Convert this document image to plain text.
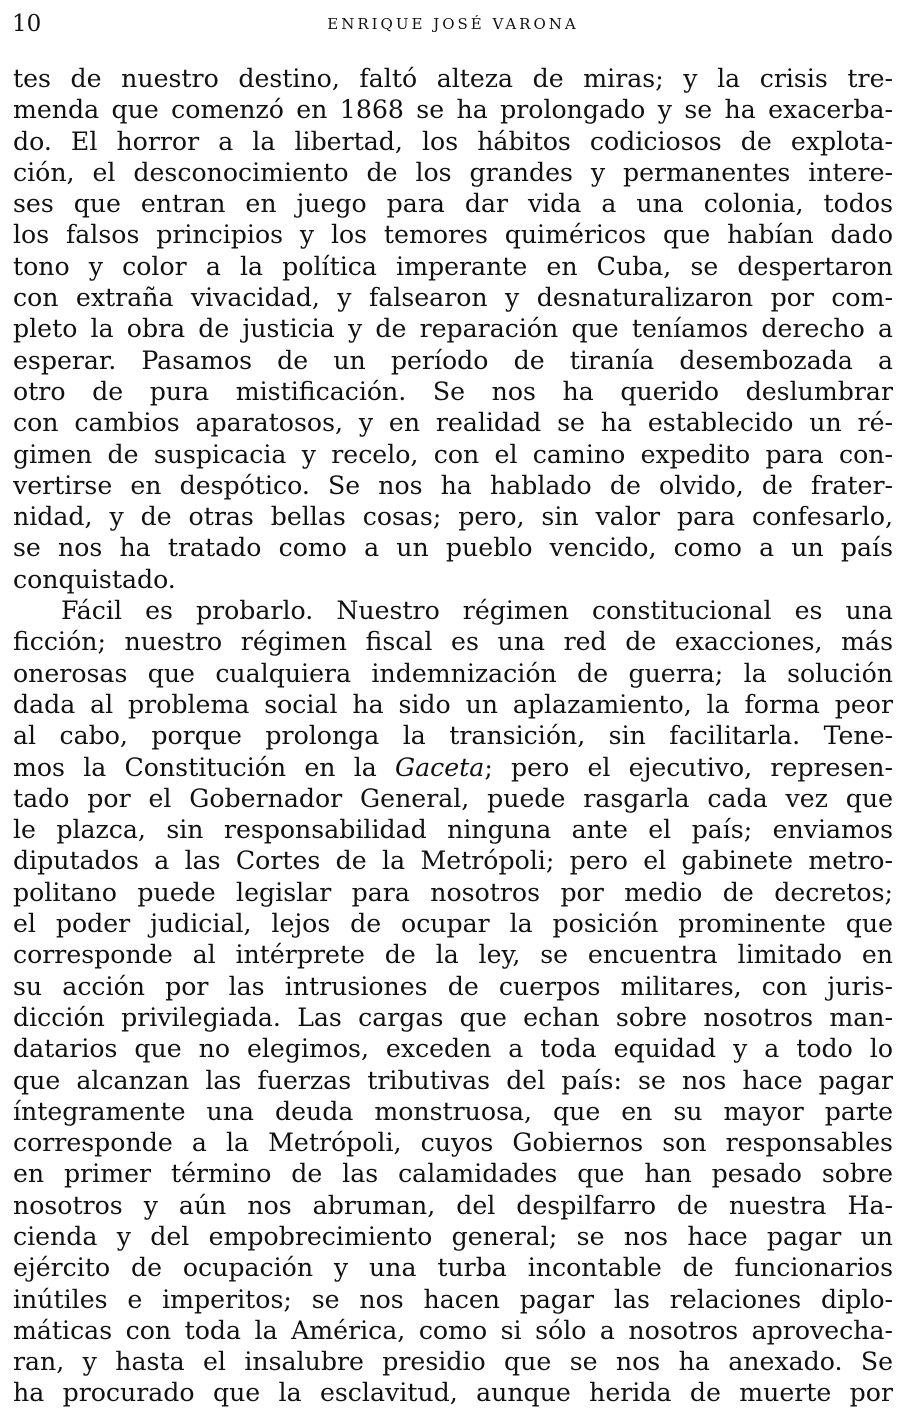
10	ENRIQUE JOSÉ VARONA
tes de nuestro destino, faltó alteza de miras; y la crisis tre-
menda que comenzó en 1868 se ha prolongado y se ha exacerba-
do. El horror a la libertad, los hábitos codiciosos de explota-
ción, el desconocimiento de los grandes y permanentes intere-
ses que entran en juego para dar vida a una colonia, todos
los falsos principios y los temores quiméricos que habían dado
tono y color a la política imperante en Cuba, se despertaron
con extraña vivacidad, y falsearon y desnaturalizaron por com-
pleto la obra de justicia y de reparación que teníamos derecho a
esperar. Pasamos de un período de tiranía desembozada a
otro de pura mistificación. Se nos ha querido deslumbrar
con cambios aparatosos, y en realidad se ha establecido un ré-
gimen de suspicacia y recelo, con el camino expedito para con-
vertirse en despótico. Se nos ha hablado de olvido, de frater-
nidad, y de otras bellas cosas; pero, sin valor para confesarlo,
se nos ha tratado como a un pueblo vencido, como a un país
conquistado.
Fácil es probarlo. Nuestro régimen constitucional es una
ficción; nuestro régimen fiscal es una red de exacciones, más
onerosas que cualquiera indemnización de guerra; la solución
dada al problema social ha sido un aplazamiento, la forma peor
al cabo, porque prolonga la transición, sin facilitarla. Tene-
mos la Constitución en la Gaceta; pero el ejecutivo, represen-
tado por el Gobernador General, puede rasgarla cada vez que
le plazca, sin responsabilidad ninguna ante el país; enviamos
diputados a las Cortes de la Metrópoli; pero el gabinete metro-
politano puede legislar para nosotros por medio de decretos;
el poder judicial, lejos de ocupar la posición prominente que
corresponde al intérprete de la ley, se encuentra limitado en
su acción por las intrusiones de cuerpos militares, con juris-
dicción privilegiada. Las cargas que echan sobre nosotros man-
datarios que no elegimos, exceden a toda equidad y a todo lo
que alcanzan las fuerzas tributivas del país: se nos hace pagar
íntegramente una deuda monstruosa, que en su mayor parte
corresponde a la Metrópoli, cuyos Gobiernos son responsables
en primer término de las calamidades que han pesado sobre
nosotros y aún nos abruman, del despilfarro de nuestra Ha-
cienda y del empobrecimiento general; se nos hace pagar un
ejército de ocupación y una turba incontable de funcionarios
inútiles e imperitos; se nos hacen pagar las relaciones diplo-
máticas con toda la América, como si sólo a nosotros aprovecha-
ran, y hasta el insalubre presidio que se nos ha anexado. Se
ha procurado que la esclavitud, aunque herida de muerte por
